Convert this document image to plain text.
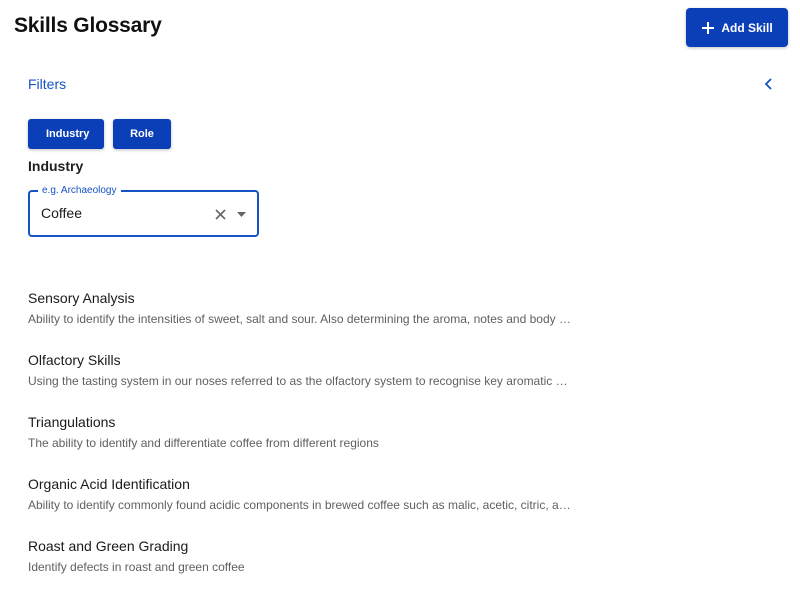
Skills Glossary	Add Skill
Filters
Industry	Role
Industry
e.g. Archaeology
Coffee
Sensory Analysis
Ability to identify the intensities of sweet, salt and sour. Also determining the aroma, notes and body …
Olfactory Skills
Using the tasting system in our noses referred to as the olfactory system to recognise key aromatic …
Triangulations
The ability to identify and differentiate coffee from different regions
Organic Acid Identification
Ability to identify commonly found acidic components in brewed coffee such as malic, acetic, citric, a…
Roast and Green Grading
Identify defects in roast and green coffee
